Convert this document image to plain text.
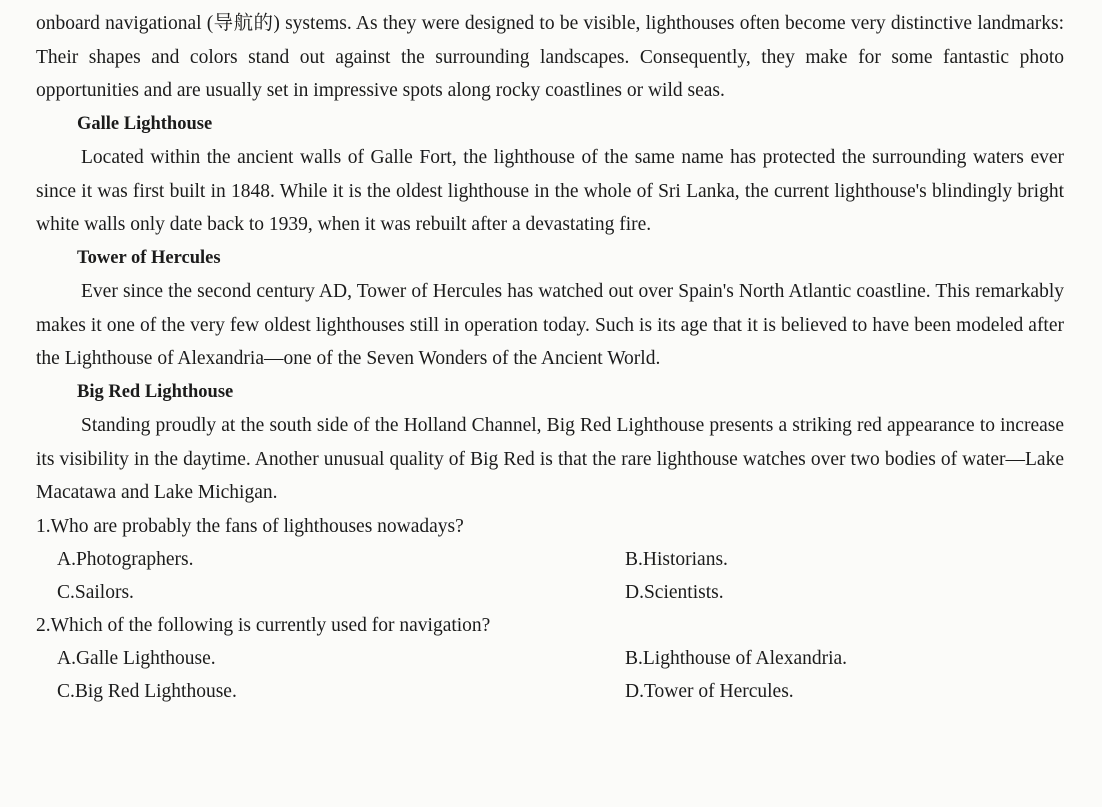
onboard navigational (导航的) systems. As they were designed to be visible, lighthouses often become very distinctive landmarks: Their shapes and colors stand out against the surrounding landscapes. Consequently, they make for some fantastic photo opportunities and are usually set in impressive spots along rocky coastlines or wild seas.

Galle Lighthouse

Located within the ancient walls of Galle Fort, the lighthouse of the same name has protected the surrounding waters ever since it was first built in 1848. While it is the oldest lighthouse in the whole of Sri Lanka, the current lighthouse's blindingly bright white walls only date back to 1939, when it was rebuilt after a devastating fire.

Tower of Hercules

Ever since the second century AD, Tower of Hercules has watched out over Spain's North Atlantic coastline. This remarkably makes it one of the very few oldest lighthouses still in operation today. Such is its age that it is believed to have been modeled after the Lighthouse of Alexandria—one of the Seven Wonders of the Ancient World.

Big Red Lighthouse

Standing proudly at the south side of the Holland Channel, Big Red Lighthouse presents a striking red appearance to increase its visibility in the daytime. Another unusual quality of Big Red is that the rare lighthouse watches over two bodies of water—Lake Macatawa and Lake Michigan.

1.Who are probably the fans of lighthouses nowadays?
A.Photographers.	B.Historians.
C.Sailors.	D.Scientists.
2.Which of the following is currently used for navigation?
A.Galle Lighthouse.	B.Lighthouse of Alexandria.
C.Big Red Lighthouse.	D.Tower of Hercules.
